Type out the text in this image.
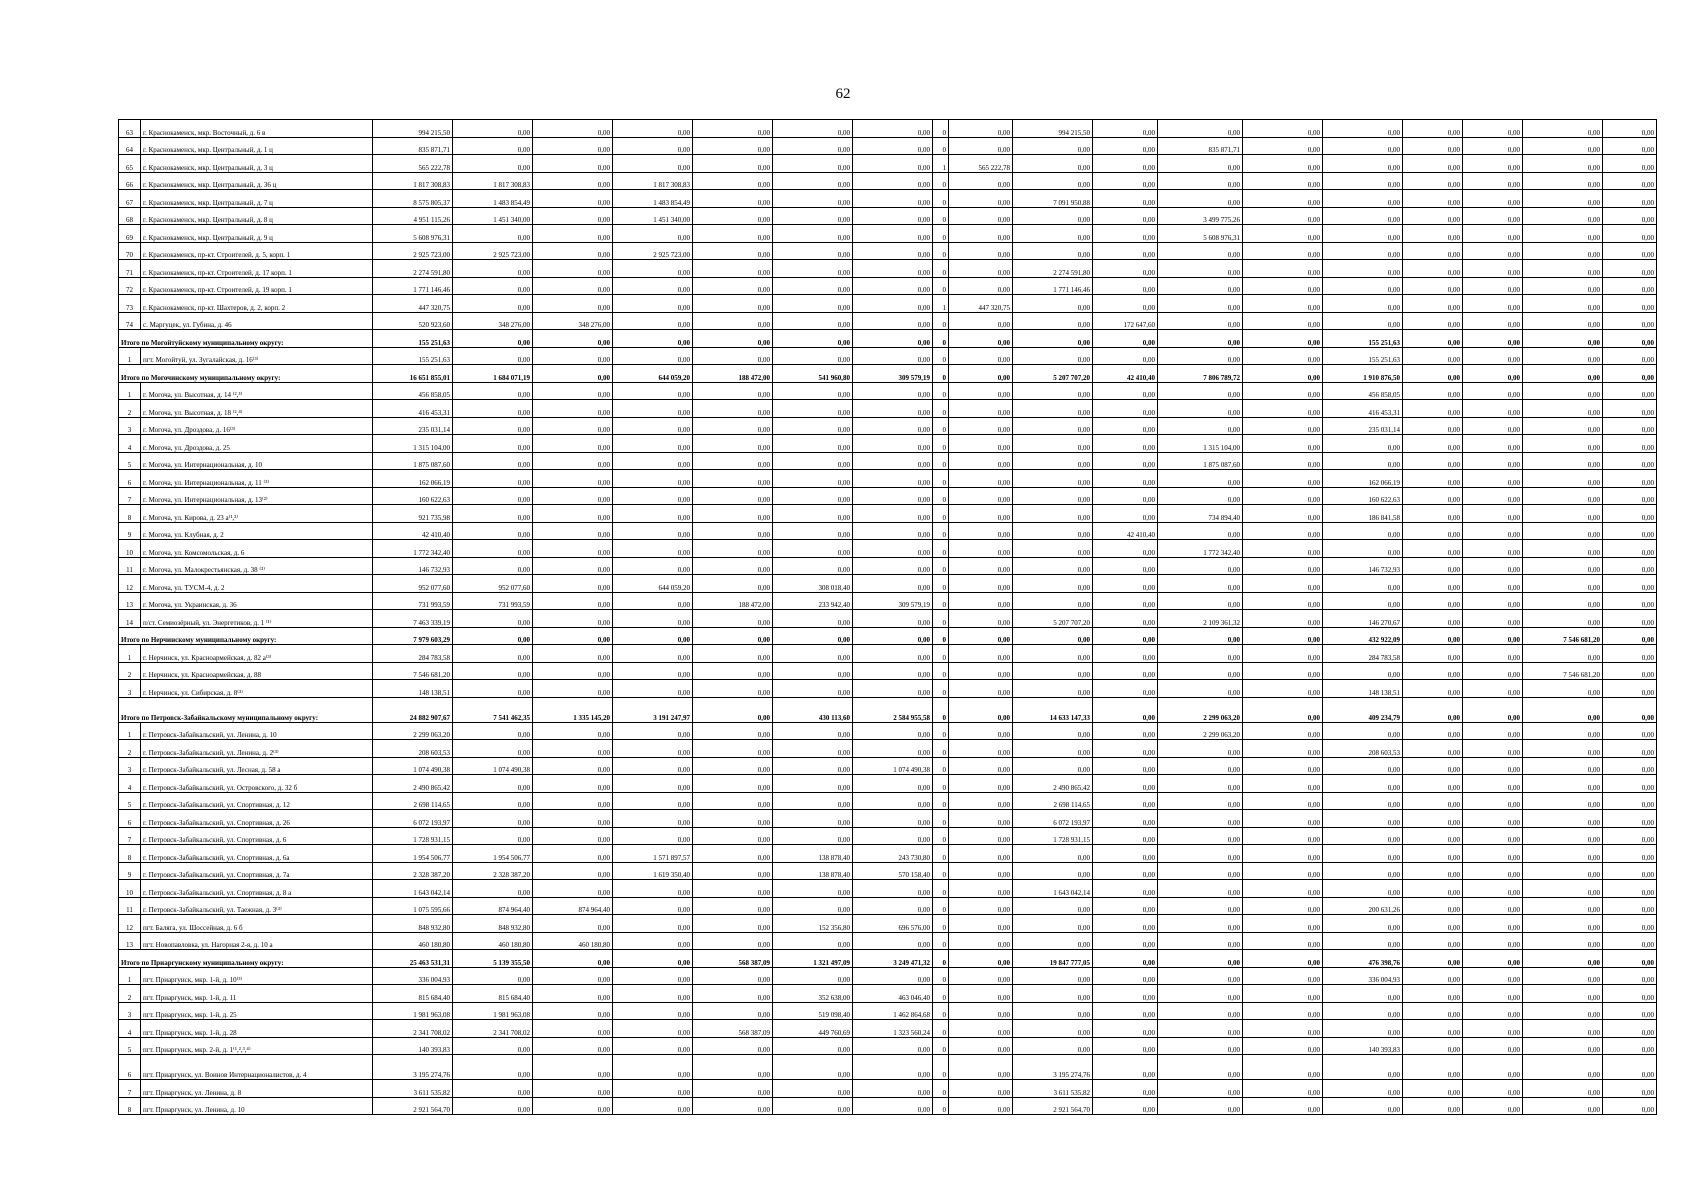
62
63	г. Краснокаменск, мкр. Восточный, д. 6 в	994 215,50	0,00	0,00	0,00	0,00	0,00	0,00	0	0,00	994 215,50	0,00	0,00	0,00	0,00	0,00	0,00	0,00	0,00
64	г. Краснокаменск, мкр. Центральный, д. 1 ц	835 871,71	0,00	0,00	0,00	0,00	0,00	0,00	0	0,00	0,00	0,00	835 871,71	0,00	0,00	0,00	0,00	0,00	0,00
65	г. Краснокаменск, мкр. Центральный, д. 3 ц	565 222,78	0,00	0,00	0,00	0,00	0,00	0,00	1	565 222,78	0,00	0,00	0,00	0,00	0,00	0,00	0,00	0,00	0,00
66	г. Краснокаменск, мкр. Центральный, д. 36 ц	1 817 308,83	1 817 308,83	0,00	1 817 308,83	0,00	0,00	0,00	0	0,00	0,00	0,00	0,00	0,00	0,00	0,00	0,00	0,00	0,00
67	г. Краснокаменск, мкр. Центральный, д. 7 ц	8 575 805,37	1 483 854,49	0,00	1 483 854,49	0,00	0,00	0,00	0	0,00	7 091 950,88	0,00	0,00	0,00	0,00	0,00	0,00	0,00	0,00
68	г. Краснокаменск, мкр. Центральный, д. 8 ц	4 951 115,26	1 451 340,00	0,00	1 451 340,00	0,00	0,00	0,00	0	0,00	0,00	0,00	3 499 775,26	0,00	0,00	0,00	0,00	0,00	0,00
69	г. Краснокаменск, мкр. Центральный, д. 9 ц	5 608 976,31	0,00	0,00	0,00	0,00	0,00	0,00	0	0,00	0,00	0,00	5 608 976,31	0,00	0,00	0,00	0,00	0,00	0,00
70	г. Краснокаменск, пр-кт. Строителей, д. 5, корп. 1	2 925 723,00	2 925 723,00	0,00	2 925 723,00	0,00	0,00	0,00	0	0,00	0,00	0,00	0,00	0,00	0,00	0,00	0,00	0,00	0,00
71	г. Краснокаменск, пр-кт. Строителей, д. 17 корп. 1	2 274 591,80	0,00	0,00	0,00	0,00	0,00	0,00	0	0,00	2 274 591,80	0,00	0,00	0,00	0,00	0,00	0,00	0,00	0,00
72	г. Краснокаменск, пр-кт. Строителей, д. 19 корп. 1	1 771 146,46	0,00	0,00	0,00	0,00	0,00	0,00	0	0,00	1 771 146,46	0,00	0,00	0,00	0,00	0,00	0,00	0,00	0,00
73	г. Краснокаменск, пр-кт. Шахтеров, д. 2, корп. 2	447 320,75	0,00	0,00	0,00	0,00	0,00	0,00	1	447 320,75	0,00	0,00	0,00	0,00	0,00	0,00	0,00	0,00	0,00
74	с. Маргуцек, ул. Губина, д. 46	520 923,60	348 276,00	348 276,00	0,00	0,00	0,00	0,00	0	0,00	0,00	172 647,60	0,00	0,00	0,00	0,00	0,00	0,00	0,00
Итого по Могойтуйскому муниципальному округу:		155 251,63	0,00	0,00	0,00	0,00	0,00	0,00	0	0,00	0,00	0,00	0,00	0,00	155 251,63	0,00	0,00	0,00	0,00
1	пгт. Могойтуй, ул. Зугалайская, д. 16⁽³⁾	155 251,63	0,00	0,00	0,00	0,00	0,00	0,00	0	0,00	0,00	0,00	0,00	0,00	155 251,63	0,00	0,00	0,00	0,00
Итого по Могочинскому муниципальному округу:		16 651 855,01	1 684 071,19	0,00	644 059,20	188 472,00	541 960,80	309 579,19	0	0,00	5 207 707,20	42 410,40	7 806 789,72	0,00	1 910 876,50	0,00	0,00	0,00	0,00
1	г. Могоча, ул. Высотная, д. 14 ⁽²,³⁾	456 858,05	0,00	0,00	0,00	0,00	0,00	0,00	0	0,00	0,00	0,00	0,00	0,00	456 858,05	0,00	0,00	0,00	0,00
2	г. Могоча, ул. Высотная, д. 18 ⁽²,⁴⁾	416 453,31	0,00	0,00	0,00	0,00	0,00	0,00	0	0,00	0,00	0,00	0,00	0,00	416 453,31	0,00	0,00	0,00	0,00
3	г. Могоча, ул. Дроздова, д. 16⁽³⁾	235 031,14	0,00	0,00	0,00	0,00	0,00	0,00	0	0,00	0,00	0,00	0,00	0,00	235 031,14	0,00	0,00	0,00	0,00
4	г. Могоча, ул. Дроздова, д. 25	1 315 104,00	0,00	0,00	0,00	0,00	0,00	0,00	0	0,00	0,00	0,00	1 315 104,00	0,00	0,00	0,00	0,00	0,00	0,00
5	г. Могоча, ул. Интернациональная, д. 10	1 875 087,60	0,00	0,00	0,00	0,00	0,00	0,00	0	0,00	0,00	0,00	1 875 087,60	0,00	0,00	0,00	0,00	0,00	0,00
6	г. Могоча, ул. Интернациональная, д. 11 ⁽³⁾	162 066,19	0,00	0,00	0,00	0,00	0,00	0,00	0	0,00	0,00	0,00	0,00	0,00	162 066,19	0,00	0,00	0,00	0,00
7	г. Могоча, ул. Интернациональная, д. 13⁽²⁾	160 622,63	0,00	0,00	0,00	0,00	0,00	0,00	0	0,00	0,00	0,00	0,00	0,00	160 622,63	0,00	0,00	0,00	0,00
8	г. Могоча, ул. Кирова, д. 23 а⁽¹,²⁾	921 735,98	0,00	0,00	0,00	0,00	0,00	0,00	0	0,00	0,00	0,00	734 894,40	0,00	186 841,58	0,00	0,00	0,00	0,00
9	г. Могоча, ул. Клубная, д. 2	42 410,40	0,00	0,00	0,00	0,00	0,00	0,00	0	0,00	0,00	42 410,40	0,00	0,00	0,00	0,00	0,00	0,00	0,00
10	г. Могоча, ул. Комсомольская, д. 6	1 772 342,40	0,00	0,00	0,00	0,00	0,00	0,00	0	0,00	0,00	0,00	1 772 342,40	0,00	0,00	0,00	0,00	0,00	0,00
11	г. Могоча, ул. Малокрестьянская, д. 38 ⁽³⁾	146 732,93	0,00	0,00	0,00	0,00	0,00	0,00	0	0,00	0,00	0,00	0,00	0,00	146 732,93	0,00	0,00	0,00	0,00
12	г. Могоча, ул. ТУСМ-4, д. 2	952 077,60	952 077,60	0,00	644 059,20	0,00	308 018,40	0,00	0	0,00	0,00	0,00	0,00	0,00	0,00	0,00	0,00	0,00	0,00
13	г. Могоча, ул. Украинская, д. 36	731 993,59	731 993,59	0,00	0,00	188 472,00	233 942,40	309 579,19	0	0,00	0,00	0,00	0,00	0,00	0,00	0,00	0,00	0,00	0,00
14	п/ст. Семиозёрный, ул. Энергетиков, д. 1 ⁽¹⁾	7 463 339,19	0,00	0,00	0,00	0,00	0,00	0,00	0	0,00	5 207 707,20	0,00	2 109 361,32	0,00	146 270,67	0,00	0,00	0,00	0,00
Итого по Нерчинскому муниципальному округу:		7 979 603,29	0,00	0,00	0,00	0,00	0,00	0,00	0	0,00	0,00	0,00	0,00	0,00	432 922,09	0,00	0,00	7 546 681,20	0,00
1	г. Нерчинск, ул. Красноармейская, д. 82 а⁽³⁾	284 783,58	0,00	0,00	0,00	0,00	0,00	0,00	0	0,00	0,00	0,00	0,00	0,00	284 783,58	0,00	0,00	0,00	0,00
2	г. Нерчинск, ул. Красноармейская, д. 88	7 546 681,20	0,00	0,00	0,00	0,00	0,00	0,00	0	0,00	0,00	0,00	0,00	0,00	0,00	0,00	0,00	7 546 681,20	0,00
3	г. Нерчинск, ул. Сибирская, д. 8⁽³⁾	148 138,51	0,00	0,00	0,00	0,00	0,00	0,00	0	0,00	0,00	0,00	0,00	0,00	148 138,51	0,00	0,00	0,00	0,00
Итого по Петровск-Забайкальскому муниципальному округу:		24 882 907,67	7 541 462,35	1 335 145,20	3 191 247,97	0,00	430 113,60	2 584 955,58	0	0,00	14 633 147,33	0,00	2 299 063,20	0,00	409 234,79	0,00	0,00	0,00	0,00
1	г. Петровск-Забайкальский, ул. Ленина, д. 10	2 299 063,20	0,00	0,00	0,00	0,00	0,00	0,00	0	0,00	0,00	0,00	2 299 063,20	0,00	0,00	0,00	0,00	0,00	0,00
2	г. Петровск-Забайкальский, ул. Ленина, д. 2⁽³⁾	208 603,53	0,00	0,00	0,00	0,00	0,00	0,00	0	0,00	0,00	0,00	0,00	0,00	208 603,53	0,00	0,00	0,00	0,00
3	г. Петровск-Забайкальский, ул. Лесная, д. 58 а	1 074 490,38	1 074 490,38	0,00	0,00	0,00	0,00	1 074 490,38	0	0,00	0,00	0,00	0,00	0,00	0,00	0,00	0,00	0,00	0,00
4	г. Петровск-Забайкальский, ул. Островского, д. 32 б	2 490 865,42	0,00	0,00	0,00	0,00	0,00	0,00	0	0,00	2 490 865,42	0,00	0,00	0,00	0,00	0,00	0,00	0,00	0,00
5	г. Петровск-Забайкальский, ул. Спортивная, д. 12	2 698 114,65	0,00	0,00	0,00	0,00	0,00	0,00	0	0,00	2 698 114,65	0,00	0,00	0,00	0,00	0,00	0,00	0,00	0,00
6	г. Петровск-Забайкальский, ул. Спортивная, д. 26	6 072 193,97	0,00	0,00	0,00	0,00	0,00	0,00	0	0,00	6 072 193,97	0,00	0,00	0,00	0,00	0,00	0,00	0,00	0,00
7	г. Петровск-Забайкальский, ул. Спортивная, д. 6	1 728 931,15	0,00	0,00	0,00	0,00	0,00	0,00	0	0,00	1 728 931,15	0,00	0,00	0,00	0,00	0,00	0,00	0,00	0,00
8	г. Петровск-Забайкальский, ул. Спортивная, д. 6а	1 954 506,77	1 954 506,77	0,00	1 571 897,57	0,00	138 878,40	243 730,80	0	0,00	0,00	0,00	0,00	0,00	0,00	0,00	0,00	0,00	0,00
9	г. Петровск-Забайкальский, ул. Спортивная, д. 7а	2 328 387,20	2 328 387,20	0,00	1 619 350,40	0,00	138 878,40	570 158,40	0	0,00	0,00	0,00	0,00	0,00	0,00	0,00	0,00	0,00	0,00
10	г. Петровск-Забайкальский, ул. Спортивная, д. 8 а	1 643 042,14	0,00	0,00	0,00	0,00	0,00	0,00	0	0,00	1 643 042,14	0,00	0,00	0,00	0,00	0,00	0,00	0,00	0,00
11	г. Петровск-Забайкальский, ул. Таежная, д. 3⁽³⁾	1 075 595,66	874 964,40	874 964,40	0,00	0,00	0,00	0,00	0	0,00	0,00	0,00	0,00	0,00	200 631,26	0,00	0,00	0,00	0,00
12	пгт. Балягa, ул. Шоссейная, д. 6 б	848 932,80	848 932,80	0,00	0,00	0,00	152 356,80	696 576,00	0	0,00	0,00	0,00	0,00	0,00	0,00	0,00	0,00	0,00	0,00
13	пгт. Новопавловка, ул. Нагорная 2-я, д. 10 а	460 180,80	460 180,80	460 180,80	0,00	0,00	0,00	0,00	0	0,00	0,00	0,00	0,00	0,00	0,00	0,00	0,00	0,00	0,00
Итого по Приаргунскому муниципальному округу:		25 463 531,31	5 139 355,50	0,00	0,00	568 387,09	1 321 497,09	3 249 471,32	0	0,00	19 847 777,05	0,00	0,00	0,00	476 398,76	0,00	0,00	0,00	0,00
1	пгт. Приаргунск, мкр. 1-й, д. 10⁽³⁾	336 004,93	0,00	0,00	0,00	0,00	0,00	0,00	0	0,00	0,00	0,00	0,00	0,00	336 004,93	0,00	0,00	0,00	0,00
2	пгт. Приаргунск, мкр. 1-й, д. 11	815 684,40	815 684,40	0,00	0,00	0,00	352 638,00	463 046,40	0	0,00	0,00	0,00	0,00	0,00	0,00	0,00	0,00	0,00	0,00
3	пгт. Приаргунск, мкр. 1-й, д. 25	1 981 963,08	1 981 963,08	0,00	0,00	0,00	519 098,40	1 462 864,68	0	0,00	0,00	0,00	0,00	0,00	0,00	0,00	0,00	0,00	0,00
4	пгт. Приаргунск, мкр. 1-й, д. 28	2 341 708,02	2 341 708,02	0,00	0,00	568 387,09	449 760,69	1 323 560,24	0	0,00	0,00	0,00	0,00	0,00	0,00	0,00	0,00	0,00	0,00
5	пгт. Приаргунск, мкр. 2-й, д. 1⁽¹,²,³,⁴⁾	140 393,83	0,00	0,00	0,00	0,00	0,00	0,00	0	0,00	0,00	0,00	0,00	0,00	140 393,83	0,00	0,00	0,00	0,00
6	пгт. Приаргунск, ул. Воинов Интернационалистов, д. 4	3 195 274,76	0,00	0,00	0,00	0,00	0,00	0,00	0	0,00	3 195 274,76	0,00	0,00	0,00	0,00	0,00	0,00	0,00	0,00
7	пгт. Приаргунск, ул. Ленина, д. 8	3 611 535,82	0,00	0,00	0,00	0,00	0,00	0,00	0	0,00	3 611 535,82	0,00	0,00	0,00	0,00	0,00	0,00	0,00	0,00
8	пгт. Приаргунск, ул. Ленина, д. 10	2 921 564,70	0,00	0,00	0,00	0,00	0,00	0,00	0	0,00	2 921 564,70	0,00	0,00	0,00	0,00	0,00	0,00	0,00	0,00
